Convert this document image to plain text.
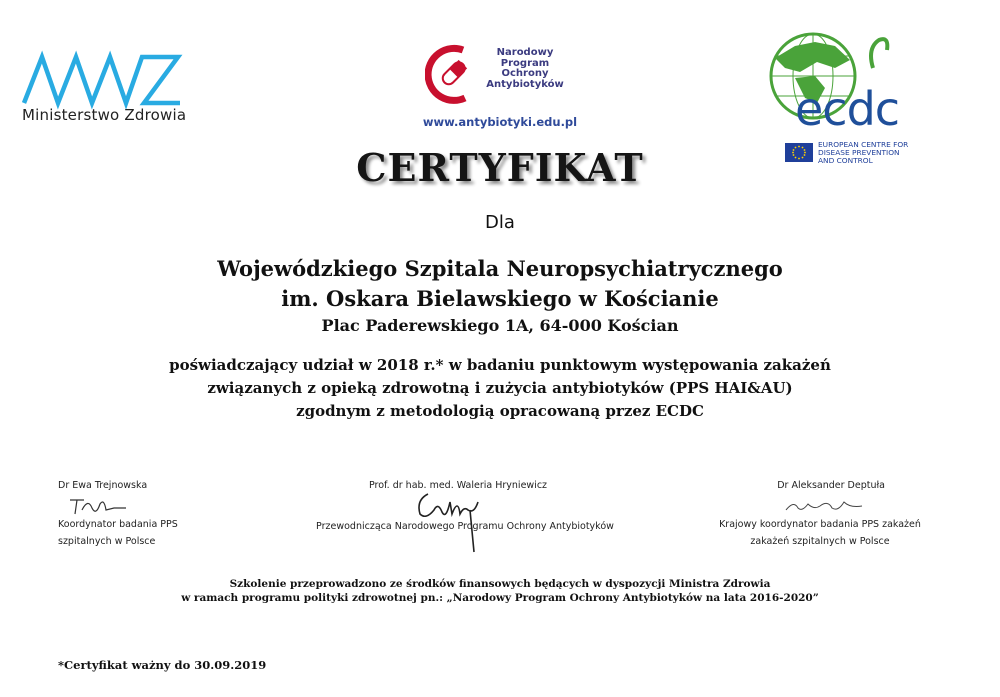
Ministerstwo Zdrowia
Narodowy
Program
Ochrony
Antybiotyków
www.antybiotyki.edu.pl	ecdc
EUROPEAN CENTRE FOR
DISEASE PREVENTION
AND CONTROL
CERTYFIKAT
Dla
Wojewódzkiego Szpitala Neuropsychiatrycznego
im. Oskara Bielawskiego w Kościanie
Plac Paderewskiego 1A, 64-000 Kościan
poświadczający udział w 2018 r.* w badaniu punktowym występowania zakażeń
związanych z opieką zdrowotną i zużycia antybiotyków (PPS HAI&AU)
zgodnym z metodologią opracowaną przez ECDC
Dr Ewa Trejnowska
Koordynator badania PPS
szpitalnych w Polsce
Prof. dr hab. med. Waleria Hryniewicz
Przewodnicząca Narodowego Programu Ochrony Antybiotyków
Dr Aleksander Deptuła
Krajowy koordynator badania PPS zakażeń
zakażeń szpitalnych w Polsce
Szkolenie przeprowadzono ze środków finansowych będących w dyspozycji Ministra Zdrowia
w ramach programu polityki zdrowotnej pn.: „Narodowy Program Ochrony Antybiotyków na lata 2016-2020”
*Certyfikat ważny do 30.09.2019
